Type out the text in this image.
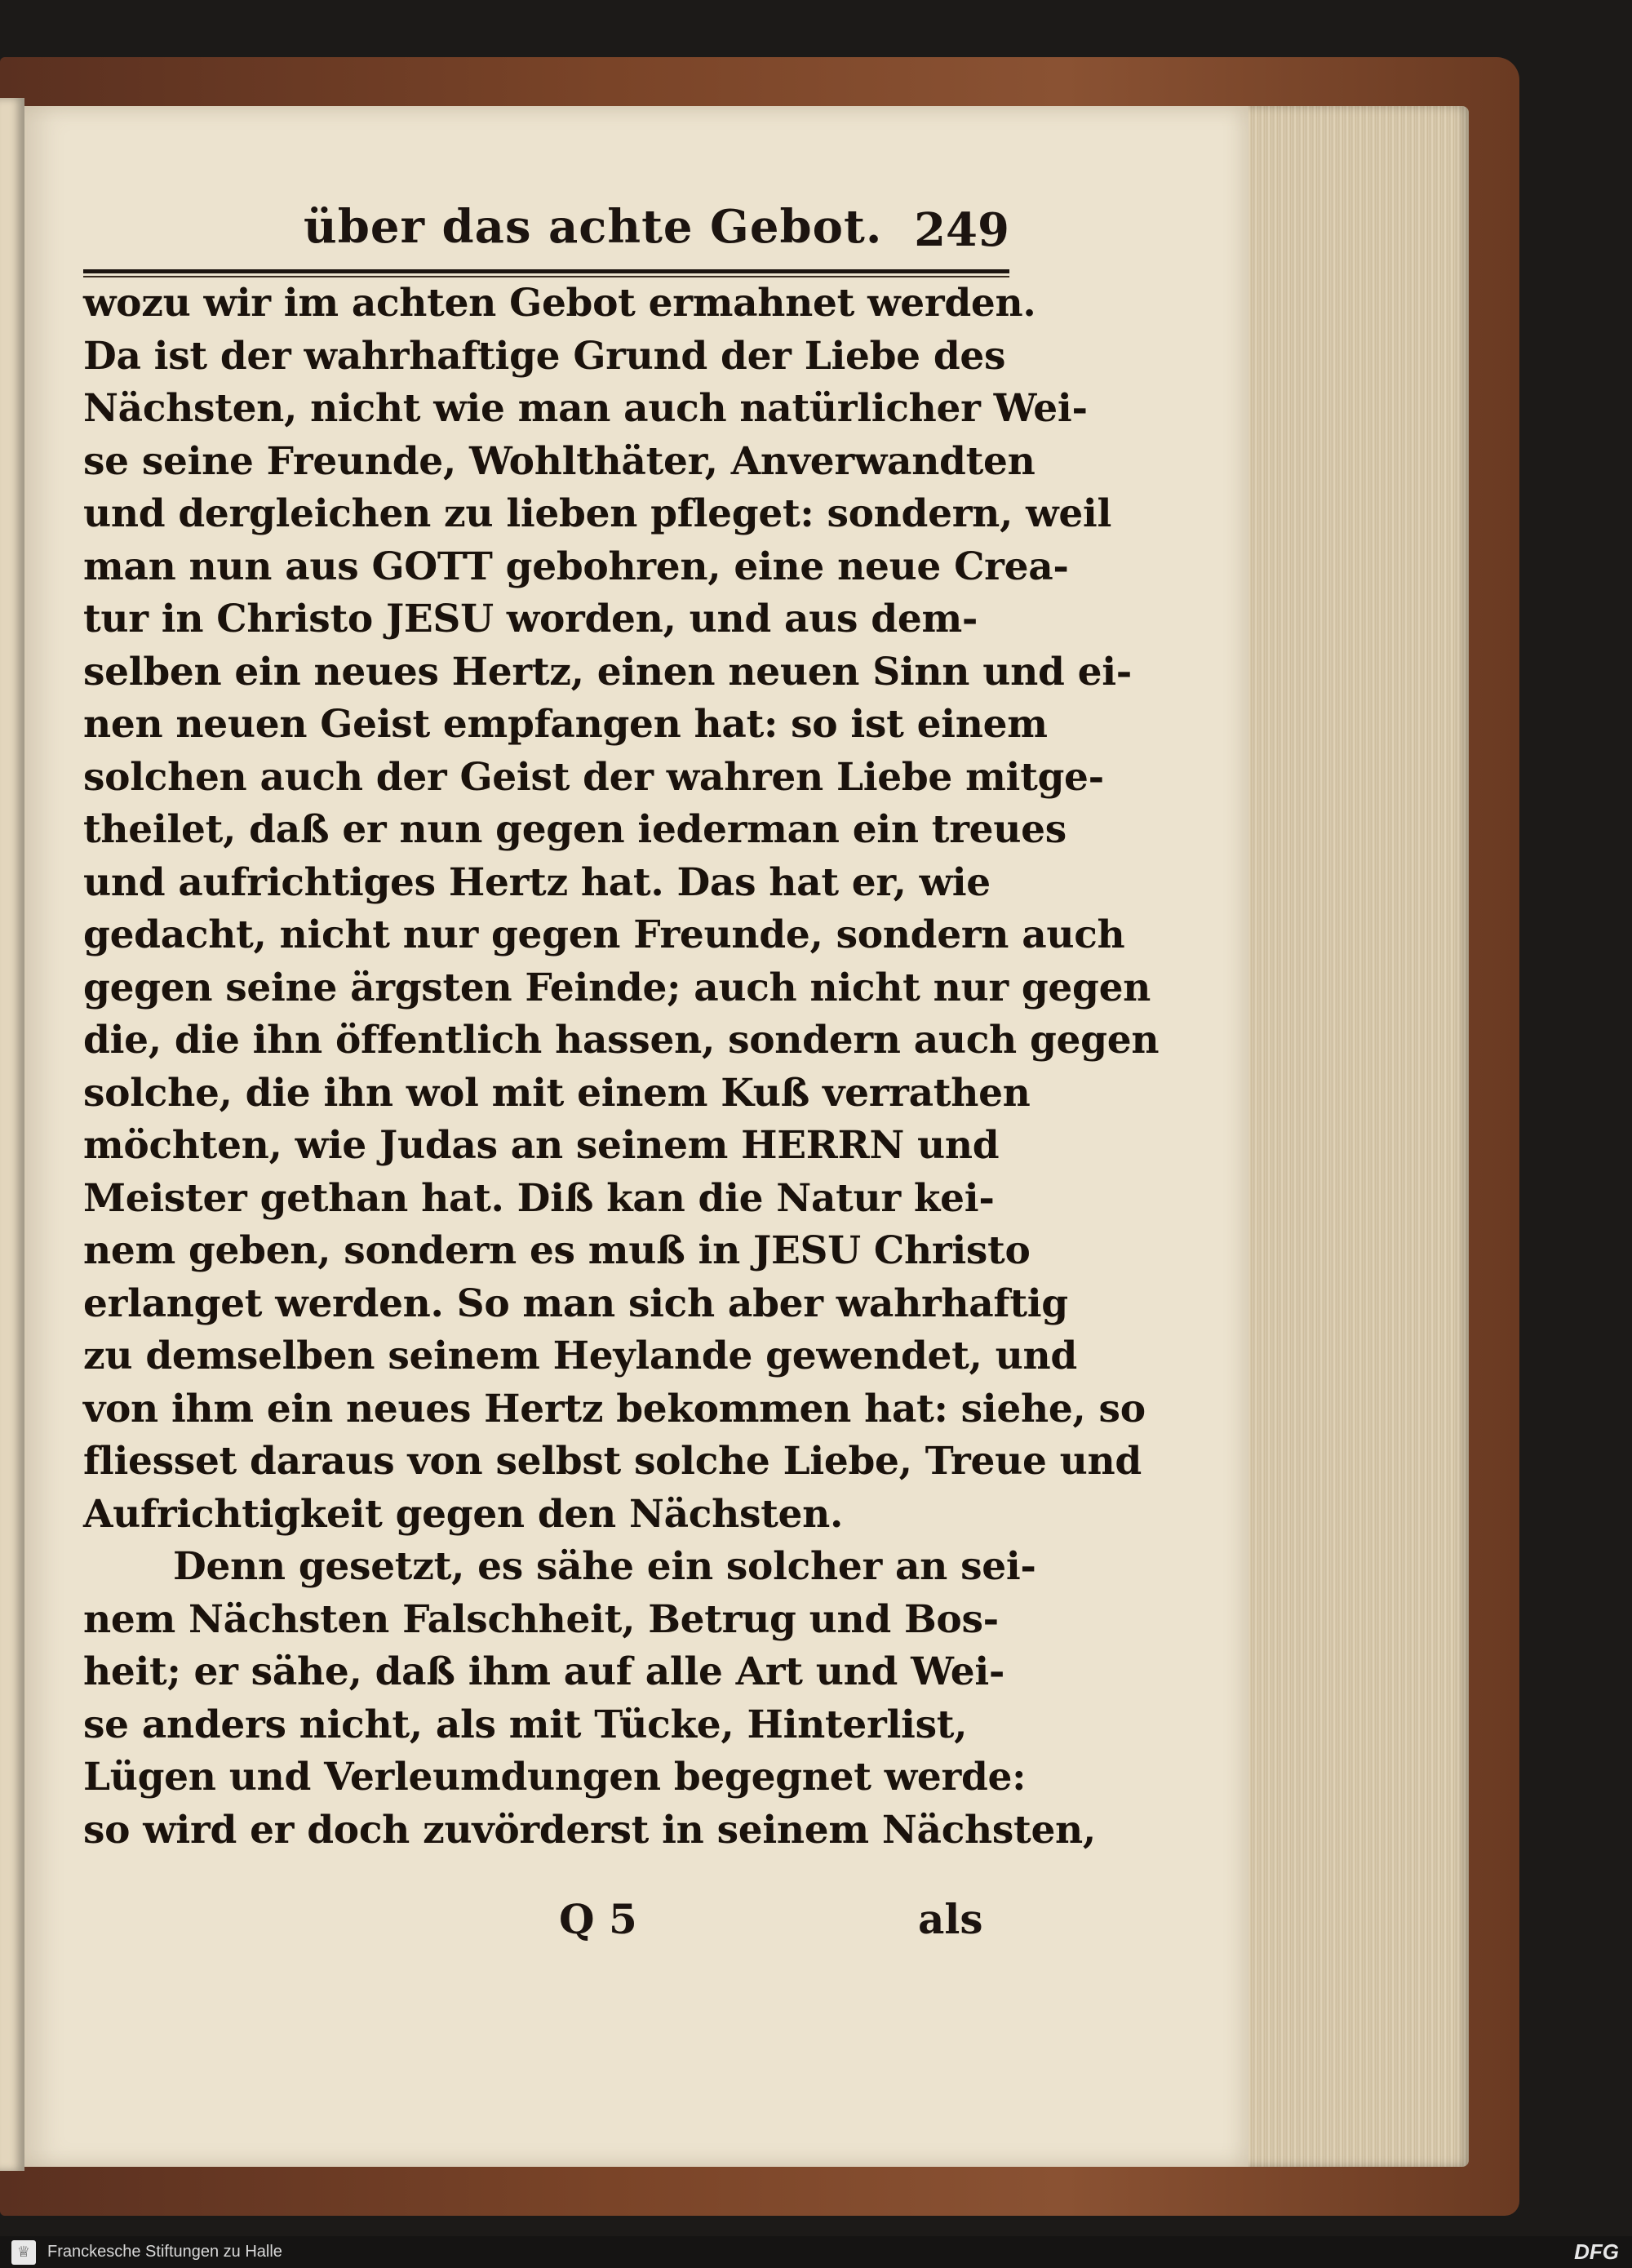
über das achte Gebot. 249
wozu wir im achten Gebot ermahnet werden.
Da ist der wahrhaftige Grund der Liebe des
Nächsten, nicht wie man auch natürlicher Wei-
se seine Freunde, Wohlthäter, Anverwandten
und dergleichen zu lieben pfleget: sondern, weil
man nun aus GOTT gebohren, eine neue Crea-
tur in Christo JESU worden, und aus dem-
selben ein neues Hertz, einen neuen Sinn und ei-
nen neuen Geist empfangen hat: so ist einem
solchen auch der Geist der wahren Liebe mitge-
theilet, daß er nun gegen iederman ein treues
und aufrichtiges Hertz hat. Das hat er, wie
gedacht, nicht nur gegen Freunde, sondern auch
gegen seine ärgsten Feinde; auch nicht nur gegen
die, die ihn öffentlich hassen, sondern auch gegen
solche, die ihn wol mit einem Kuß verrathen
möchten, wie Judas an seinem HERRN und
Meister gethan hat. Diß kan die Natur kei-
nem geben, sondern es muß in JESU Christo
erlanget werden. So man sich aber wahrhaftig
zu demselben seinem Heylande gewendet, und
von ihm ein neues Hertz bekommen hat: siehe, so
fliesset daraus von selbst solche Liebe, Treue und
Aufrichtigkeit gegen den Nächsten.
Denn gesetzt, es sähe ein solcher an sei-
nem Nächsten Falschheit, Betrug und Bos-
heit; er sähe, daß ihm auf alle Art und Wei-
se anders nicht, als mit Tücke, Hinterlist,
Lügen und Verleumdungen begegnet werde:
so wird er doch zuvörderst in seinem Nächsten,
Q 5	als
♕	Franckesche Stiftungen zu Halle	DFG
